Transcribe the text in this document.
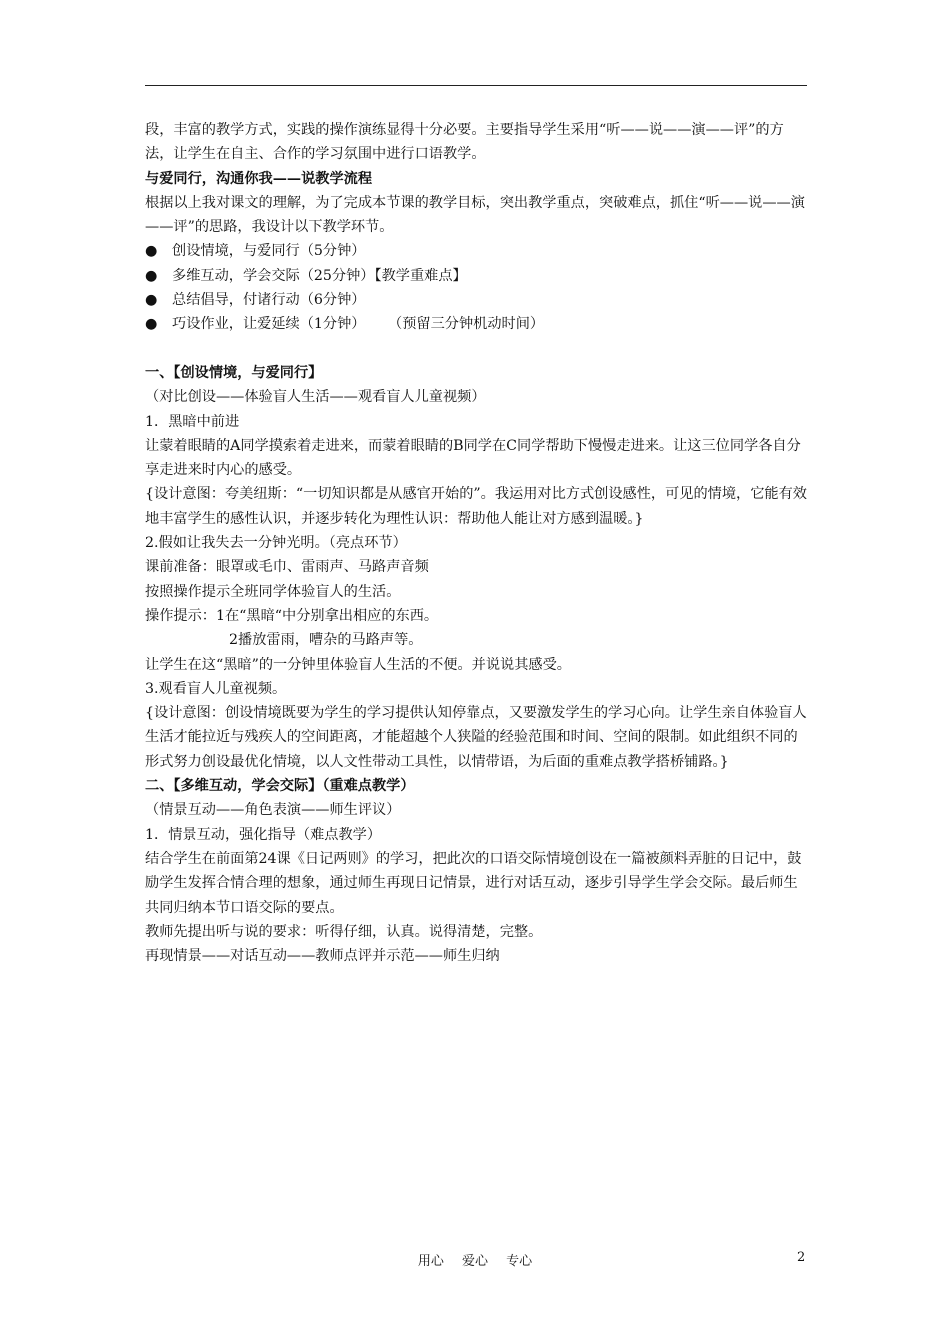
段，丰富的教学方式，实践的操作演练显得十分必要。主要指导学生采用“听——说——演——评”的方法，让学生在自主、合作的学习氛围中进行口语教学。

与爱同行，沟通你我——说教学流程

根据以上我对课文的理解，为了完成本节课的教学目标，突出教学重点，突破难点，抓住“听——说——演——评”的思路，我设计以下教学环节。

●	创设情境，与爱同行（5分钟）

●	多维互动，学会交际（25分钟）【教学重难点】

●	总结倡导，付诸行动（6分钟）

●	巧设作业，让爱延续（1分钟）     （预留三分钟机动时间）

一、【创设情境，与爱同行】

（对比创设——体验盲人生活——观看盲人儿童视频）

1．黑暗中前进

让蒙着眼睛的A同学摸索着走进来，而蒙着眼睛的B同学在C同学帮助下慢慢走进来。让这三位同学各自分享走进来时内心的感受。

{设计意图：夸美纽斯：“一切知识都是从感官开始的”。我运用对比方式创设感性，可见的情境，它能有效地丰富学生的感性认识，并逐步转化为理性认识：帮助他人能让对方感到温暖。}

2.假如让我失去一分钟光明。（亮点环节）

课前准备：眼罩或毛巾、雷雨声、马路声音频

按照操作提示全班同学体验盲人的生活。

操作提示：1在“黑暗“中分别拿出相应的东西。

2播放雷雨，嘈杂的马路声等。

让学生在这“黑暗”的一分钟里体验盲人生活的不便。并说说其感受。

3.观看盲人儿童视频。

{设计意图：创设情境既要为学生的学习提供认知停靠点，又要激发学生的学习心向。让学生亲自体验盲人生活才能拉近与残疾人的空间距离，才能超越个人狭隘的经验范围和时间、空间的限制。如此组织不同的形式努力创设最优化情境，以人文性带动工具性，以情带语，为后面的重难点教学搭桥铺路。}

二、【多维互动，学会交际】（重难点教学）

（情景互动——角色表演——师生评议）

1．情景互动，强化指导（难点教学）

结合学生在前面第24课《日记两则》的学习，把此次的口语交际情境创设在一篇被颜料弄脏的日记中，鼓励学生发挥合情合理的想象，通过师生再现日记情景，进行对话互动，逐步引导学生学会交际。最后师生共同归纳本节口语交际的要点。

教师先提出听与说的要求：听得仔细，认真。说得清楚，完整。

再现情景——对话互动——教师点评并示范——师生归纳

用心 爱心 专心	2
